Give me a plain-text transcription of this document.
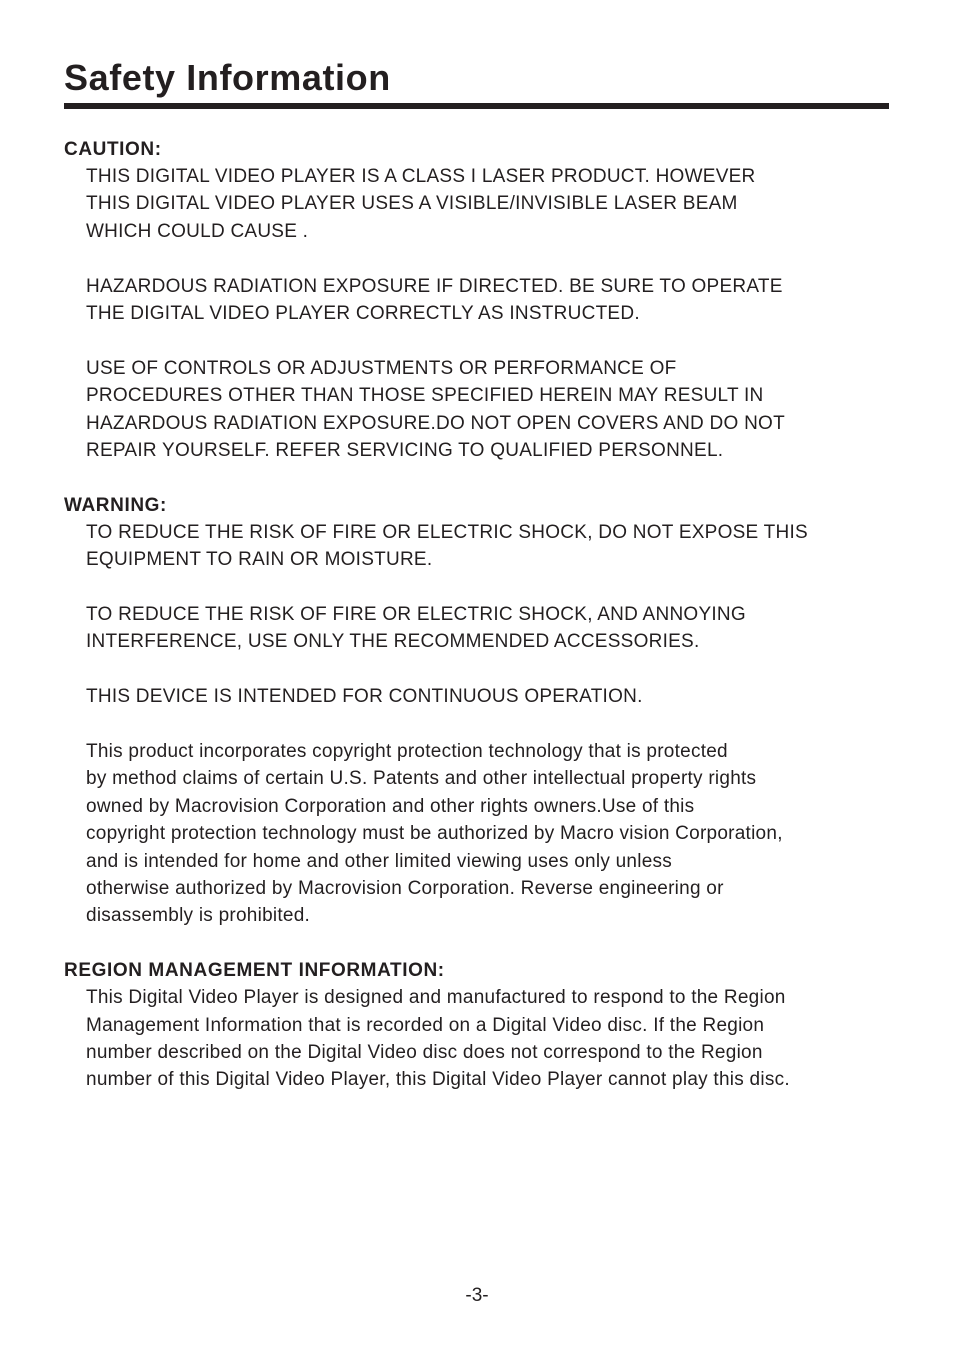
Safety Information
CAUTION:

THIS DIGITAL VIDEO PLAYER IS A CLASS I LASER PRODUCT. HOWEVER
THIS DIGITAL VIDEO PLAYER USES A VISIBLE/INVISIBLE LASER BEAM
WHICH COULD CAUSE .

HAZARDOUS RADIATION EXPOSURE IF DIRECTED. BE SURE TO OPERATE
THE DIGITAL VIDEO PLAYER CORRECTLY AS INSTRUCTED.

USE OF CONTROLS OR ADJUSTMENTS OR PERFORMANCE OF
PROCEDURES OTHER THAN THOSE SPECIFIED HEREIN MAY RESULT IN
HAZARDOUS RADIATION EXPOSURE.DO NOT OPEN COVERS AND DO NOT
REPAIR YOURSELF. REFER SERVICING TO QUALIFIED PERSONNEL.

WARNING:

TO REDUCE THE RISK OF FIRE OR ELECTRIC SHOCK, DO NOT EXPOSE THIS
EQUIPMENT TO RAIN OR MOISTURE.

TO REDUCE THE RISK OF FIRE OR ELECTRIC SHOCK, AND ANNOYING
INTERFERENCE, USE ONLY THE RECOMMENDED ACCESSORIES.

THIS DEVICE IS INTENDED FOR CONTINUOUS OPERATION.

This product incorporates copyright protection technology that is protected
by method claims of certain U.S. Patents and other intellectual property rights
owned by Macrovision Corporation and other rights owners.Use of this
copyright protection technology must be authorized by Macro vision Corporation,
and is intended for home and other limited viewing uses only unless
otherwise authorized by Macrovision Corporation. Reverse engineering or
disassembly is prohibited.

REGION MANAGEMENT INFORMATION:

This Digital Video Player is designed and manufactured to respond to the Region
Management Information that is recorded on a Digital Video disc. If the Region
number described on the Digital Video disc does not correspond to the Region
number of this Digital Video Player, this Digital Video Player cannot play this disc.

-3-
